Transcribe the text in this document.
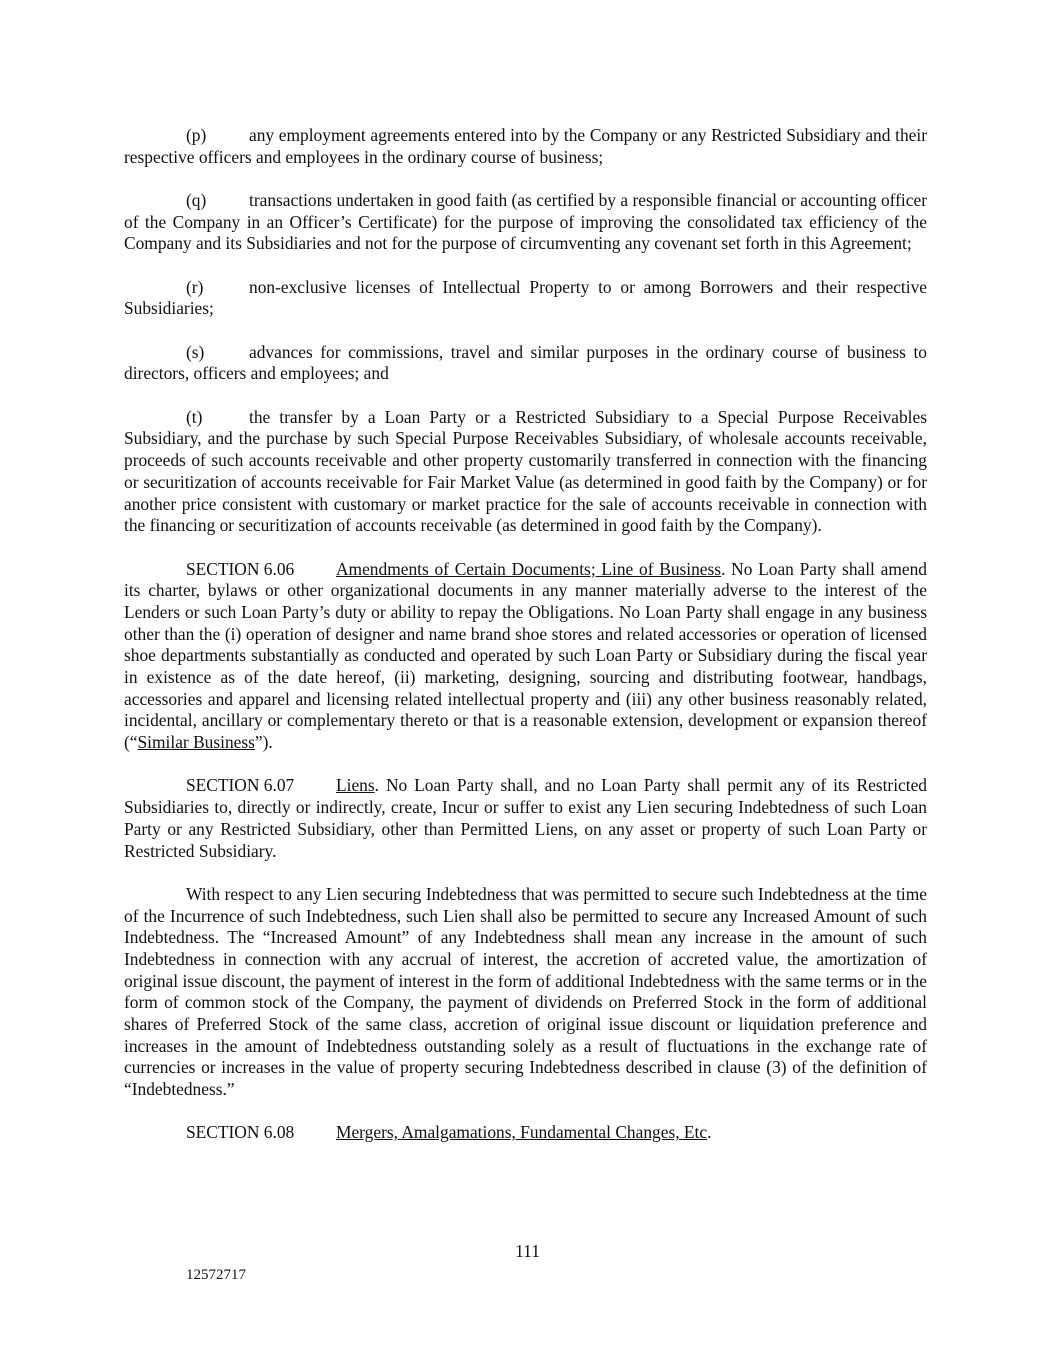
(p) any employment agreements entered into by the Company or any Restricted Subsidiary and their respective officers and employees in the ordinary course of business;

(q) transactions undertaken in good faith (as certified by a responsible financial or accounting officer of the Company in an Officer’s Certificate) for the purpose of improving the consolidated tax efficiency of the Company and its Subsidiaries and not for the purpose of circumventing any covenant set forth in this Agreement;

(r)	non-exclusive licenses of Intellectual Property to or among Borrowers and their respective Subsidiaries;

(s)	advances for commissions, travel and similar purposes in the ordinary course of business to directors, officers and employees; and

(t)	the transfer by a Loan Party or a Restricted Subsidiary to a Special Purpose Receivables Subsidiary, and the purchase by such Special Purpose Receivables Subsidiary, of wholesale accounts receivable, proceeds of such accounts receivable and other property customarily transferred in connection with the financing or securitization of accounts receivable for Fair Market Value (as determined in good faith by the Company) or for another price consistent with customary or market practice for the sale of accounts receivable in connection with the financing or securitization of accounts receivable (as determined in good faith by the Company).

SECTION 6.06 Amendments of Certain Documents; Line of Business. No Loan Party shall amend its charter, bylaws or other organizational documents in any manner materially adverse to the interest of the Lenders or such Loan Party’s duty or ability to repay the Obligations. No Loan Party shall engage in any business other than the (i) operation of designer and name brand shoe stores and related accessories or operation of licensed shoe departments substantially as conducted and operated by such Loan Party or Subsidiary during the fiscal year in existence as of the date hereof, (ii) marketing, designing, sourcing and distributing footwear, handbags, accessories and apparel and licensing related intellectual property and (iii) any other business reasonably related, incidental, ancillary or complementary thereto or that is a reasonable extension, development or expansion thereof (“Similar Business”).

SECTION 6.07 Liens. No Loan Party shall, and no Loan Party shall permit any of its Restricted Subsidiaries to, directly or indirectly, create, Incur or suffer to exist any Lien securing Indebtedness of such Loan Party or any Restricted Subsidiary, other than Permitted Liens, on any asset or property of such Loan Party or Restricted Subsidiary.

With respect to any Lien securing Indebtedness that was permitted to secure such Indebtedness at the time of the Incurrence of such Indebtedness, such Lien shall also be permitted to secure any Increased Amount of such Indebtedness. The “Increased Amount” of any Indebtedness shall mean any increase in the amount of such Indebtedness in connection with any accrual of interest, the accretion of accreted value, the amortization of original issue discount, the payment of interest in the form of additional Indebtedness with the same terms or in the form of common stock of the Company, the payment of dividends on Preferred Stock in the form of additional shares of Preferred Stock of the same class, accretion of original issue discount or liquidation preference and increases in the amount of Indebtedness outstanding solely as a result of fluctuations in the exchange rate of currencies or increases in the value of property securing Indebtedness described in clause (3) of the definition of “Indebtedness.”

SECTION 6.08 Mergers, Amalgamations, Fundamental Changes, Etc.

111
12572717
